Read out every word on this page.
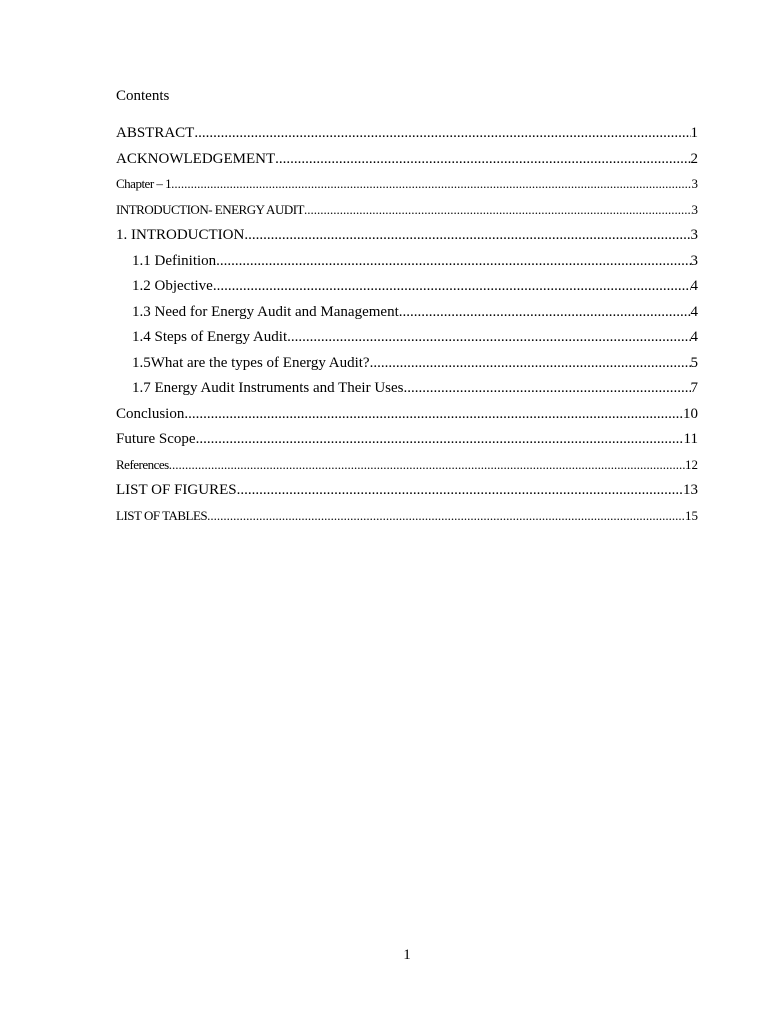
Contents
ABSTRACT .....	1
ACKNOWLEDGEMENT .....	2
Chapter – 1 .....	3
INTRODUCTION- ENERGY AUDIT .....	3
1. INTRODUCTION .....	3
1.1 Definition .....	3
1.2 Objective .....	4
1.3 Need for Energy Audit and Management .....	4
1.4 Steps of Energy Audit .....	4
1.5What are the types of Energy Audit? .....	5
1.7 Energy Audit Instruments and Their Uses .....	7
Conclusion .....	10
Future Scope .....	11
References .....	12
LIST OF FIGURES .....	13
LIST OF TABLES .....	15
1
